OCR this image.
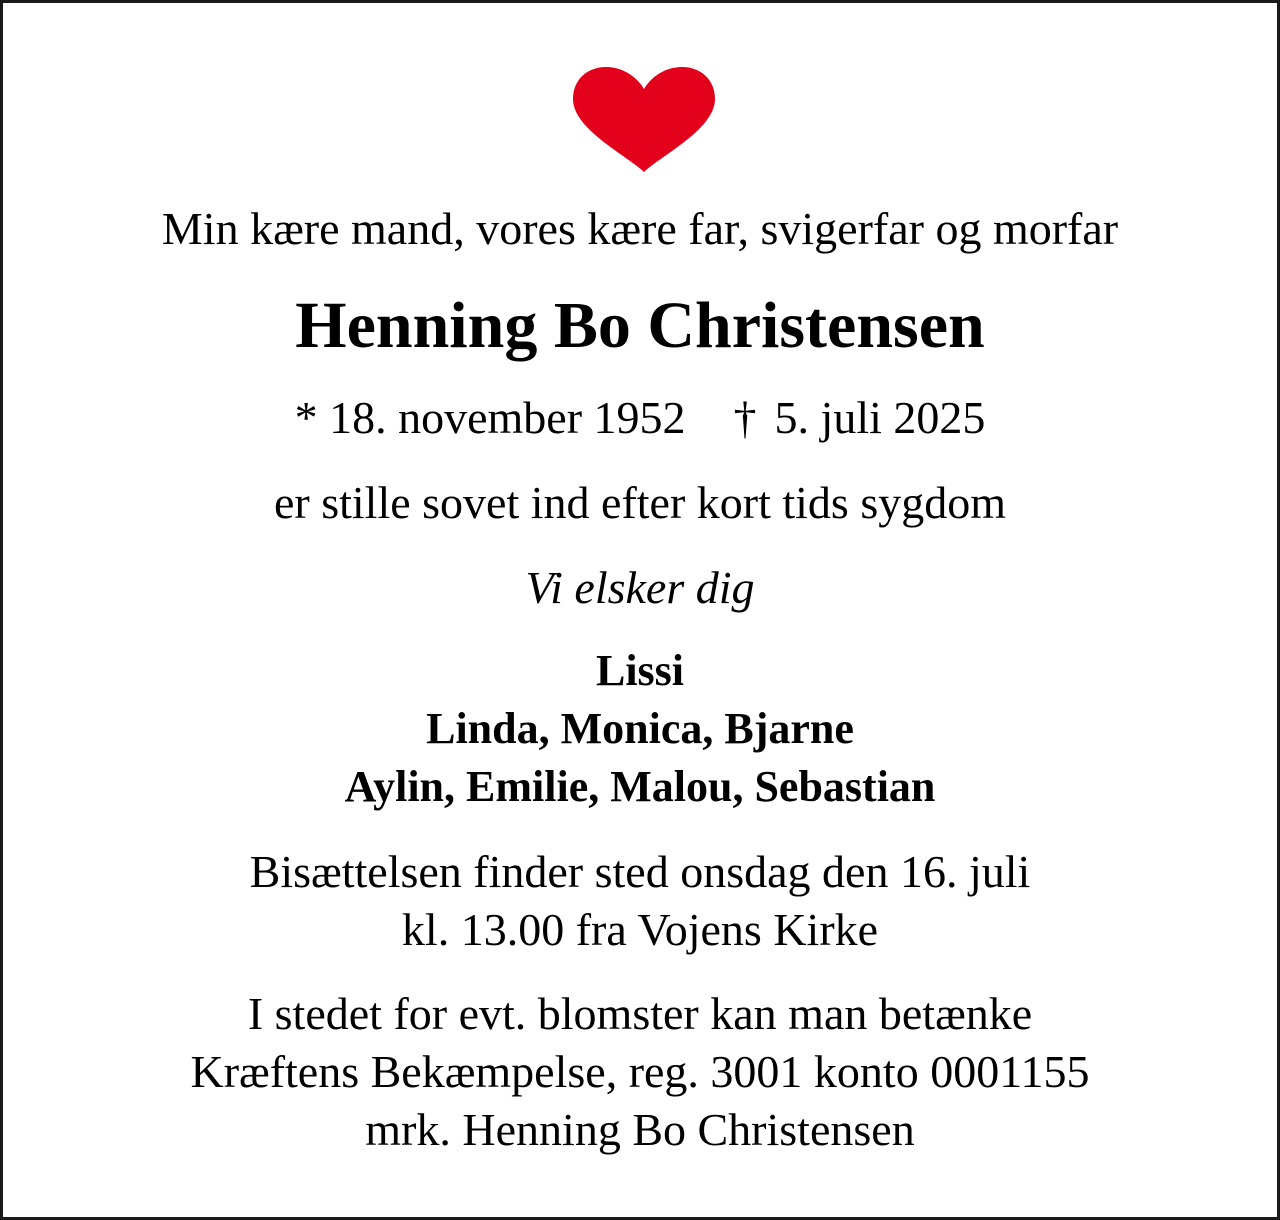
Min kære mand, vores kære far, svigerfar og morfar
Henning Bo Christensen
* 18. november 1952 † 5. juli 2025
er stille sovet ind efter kort tids sygdom
Vi elsker dig
Lissi
Linda, Monica, Bjarne
Aylin, Emilie, Malou, Sebastian
Bisættelsen finder sted onsdag den 16. juli
kl. 13.00 fra Vojens Kirke
I stedet for evt. blomster kan man betænke
Kræftens Bekæmpelse, reg. 3001 konto 0001155
mrk. Henning Bo Christensen
